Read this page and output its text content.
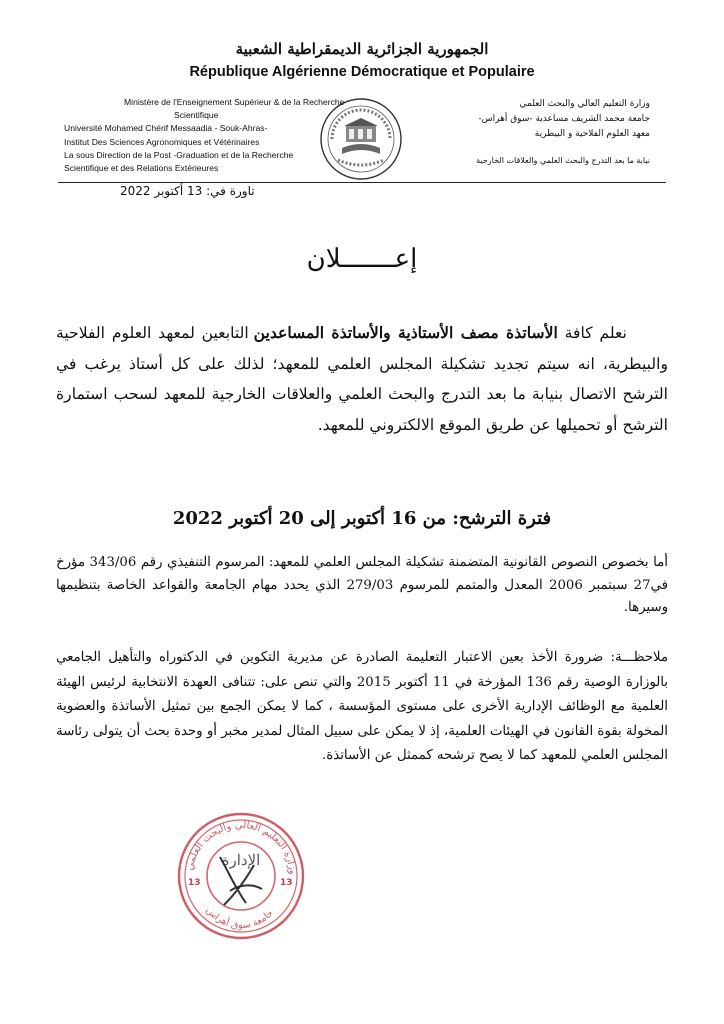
الجمهورية الجزائرية الديمقراطية الشعبية
République Algérienne Démocratique et Populaire
Ministère de l'Enseignement Supérieur & de la Recherche
Scientifique
Université Mohamed Chérif Messaadia - Souk-Ahras-
Institut Des Sciences Agronomiques et Vétérinaires
La sous Direction de la Post -Graduation et de la Recherche
Scientifique et des Relations Extérieures
وزارة التعليم العالي والبحث العلمي
جامعة محمد الشريف مساعدية -سوق أهراس-
معهد العلوم الفلاحية و البيطرية
نيابة ما بعد التدرج والبحث العلمي والعلاقات الخارجية
تاورة في: 13 أكتوبر 2022
إعـــــــلان
نعلم كافة الأساتذة مصف الأستاذية والأساتذة المساعدين التابعين لمعهد العلوم الفلاحية والبيطرية، انه سيتم تجديد تشكيلة المجلس العلمي للمعهد؛ لذلك على كل أستاذ يرغب في الترشح الاتصال بنيابة ما بعد التدرج والبحث العلمي والعلاقات الخارجية للمعهد لسحب استمارة الترشح أو تحميلها عن طريق الموقع الالكتروني للمعهد.
فترة الترشح: من 16 أكتوبر إلى 20 أكتوبر 2022
أما بخصوص النصوص القانونية المتضمنة تشكيلة المجلس العلمي للمعهد: المرسوم التنفيذي رقم 343/06 مؤرخ في27 سبتمبر 2006 المعدل والمتمم للمرسوم 279/03 الذي يحدد مهام الجامعة والقواعد الخاصة بتنظيمها وسيرها.
ملاحظـــة: ضرورة الأخذ بعين الاعتبار التعليمة الصادرة عن مديرية التكوين في الدكتوراه والتأهيل الجامعي بالوزارة الوصية رقم 136 المؤرخة في 11 أكتوبر 2015 والتي تنص على: تتنافى العهدة الانتخابية لرئيس الهيئة العلمية مع الوظائف الإدارية الأخرى على مستوى المؤسسة ، كما لا يمكن الجمع بين تمثيل الأساتذة والعضوية المخولة بقوة القانون في الهيئات العلمية، إذ لا يمكن على سبيل المثال لمدير مخبر أو وحدة بحث أن يتولى رئاسة المجلس العلمي للمعهد كما لا يصح ترشحه كممثل عن الأساتذة.
وزارة التعليم العالي والبحث العلمي
جامعة سوق أهراس
13	13
الإدارة
